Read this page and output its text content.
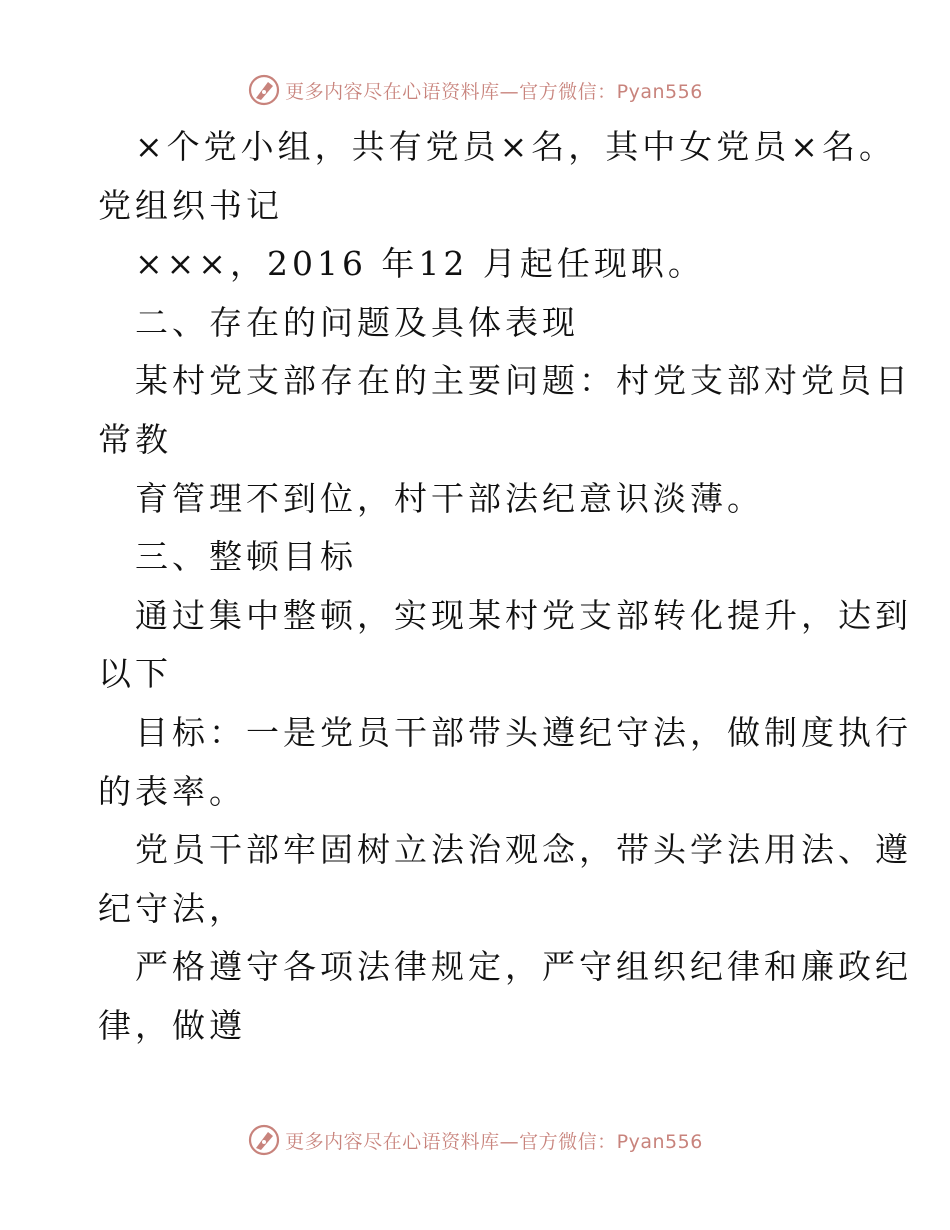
更多内容尽在心语资料库—官方微信：Pyan556
×个党小组，共有党员×名，其中女党员×名。
党组织书记
×××，2016 年12 月起任现职。
二、存在的问题及具体表现
某村党支部存在的主要问题：村党支部对党员日
常教
育管理不到位，村干部法纪意识淡薄。
三、整顿目标
通过集中整顿，实现某村党支部转化提升，达到
以下
目标：一是党员干部带头遵纪守法，做制度执行
的表率。
党员干部牢固树立法治观念，带头学法用法、遵
纪守法，
严格遵守各项法律规定，严守组织纪律和廉政纪
律，做遵
更多内容尽在心语资料库—官方微信：Pyan556
